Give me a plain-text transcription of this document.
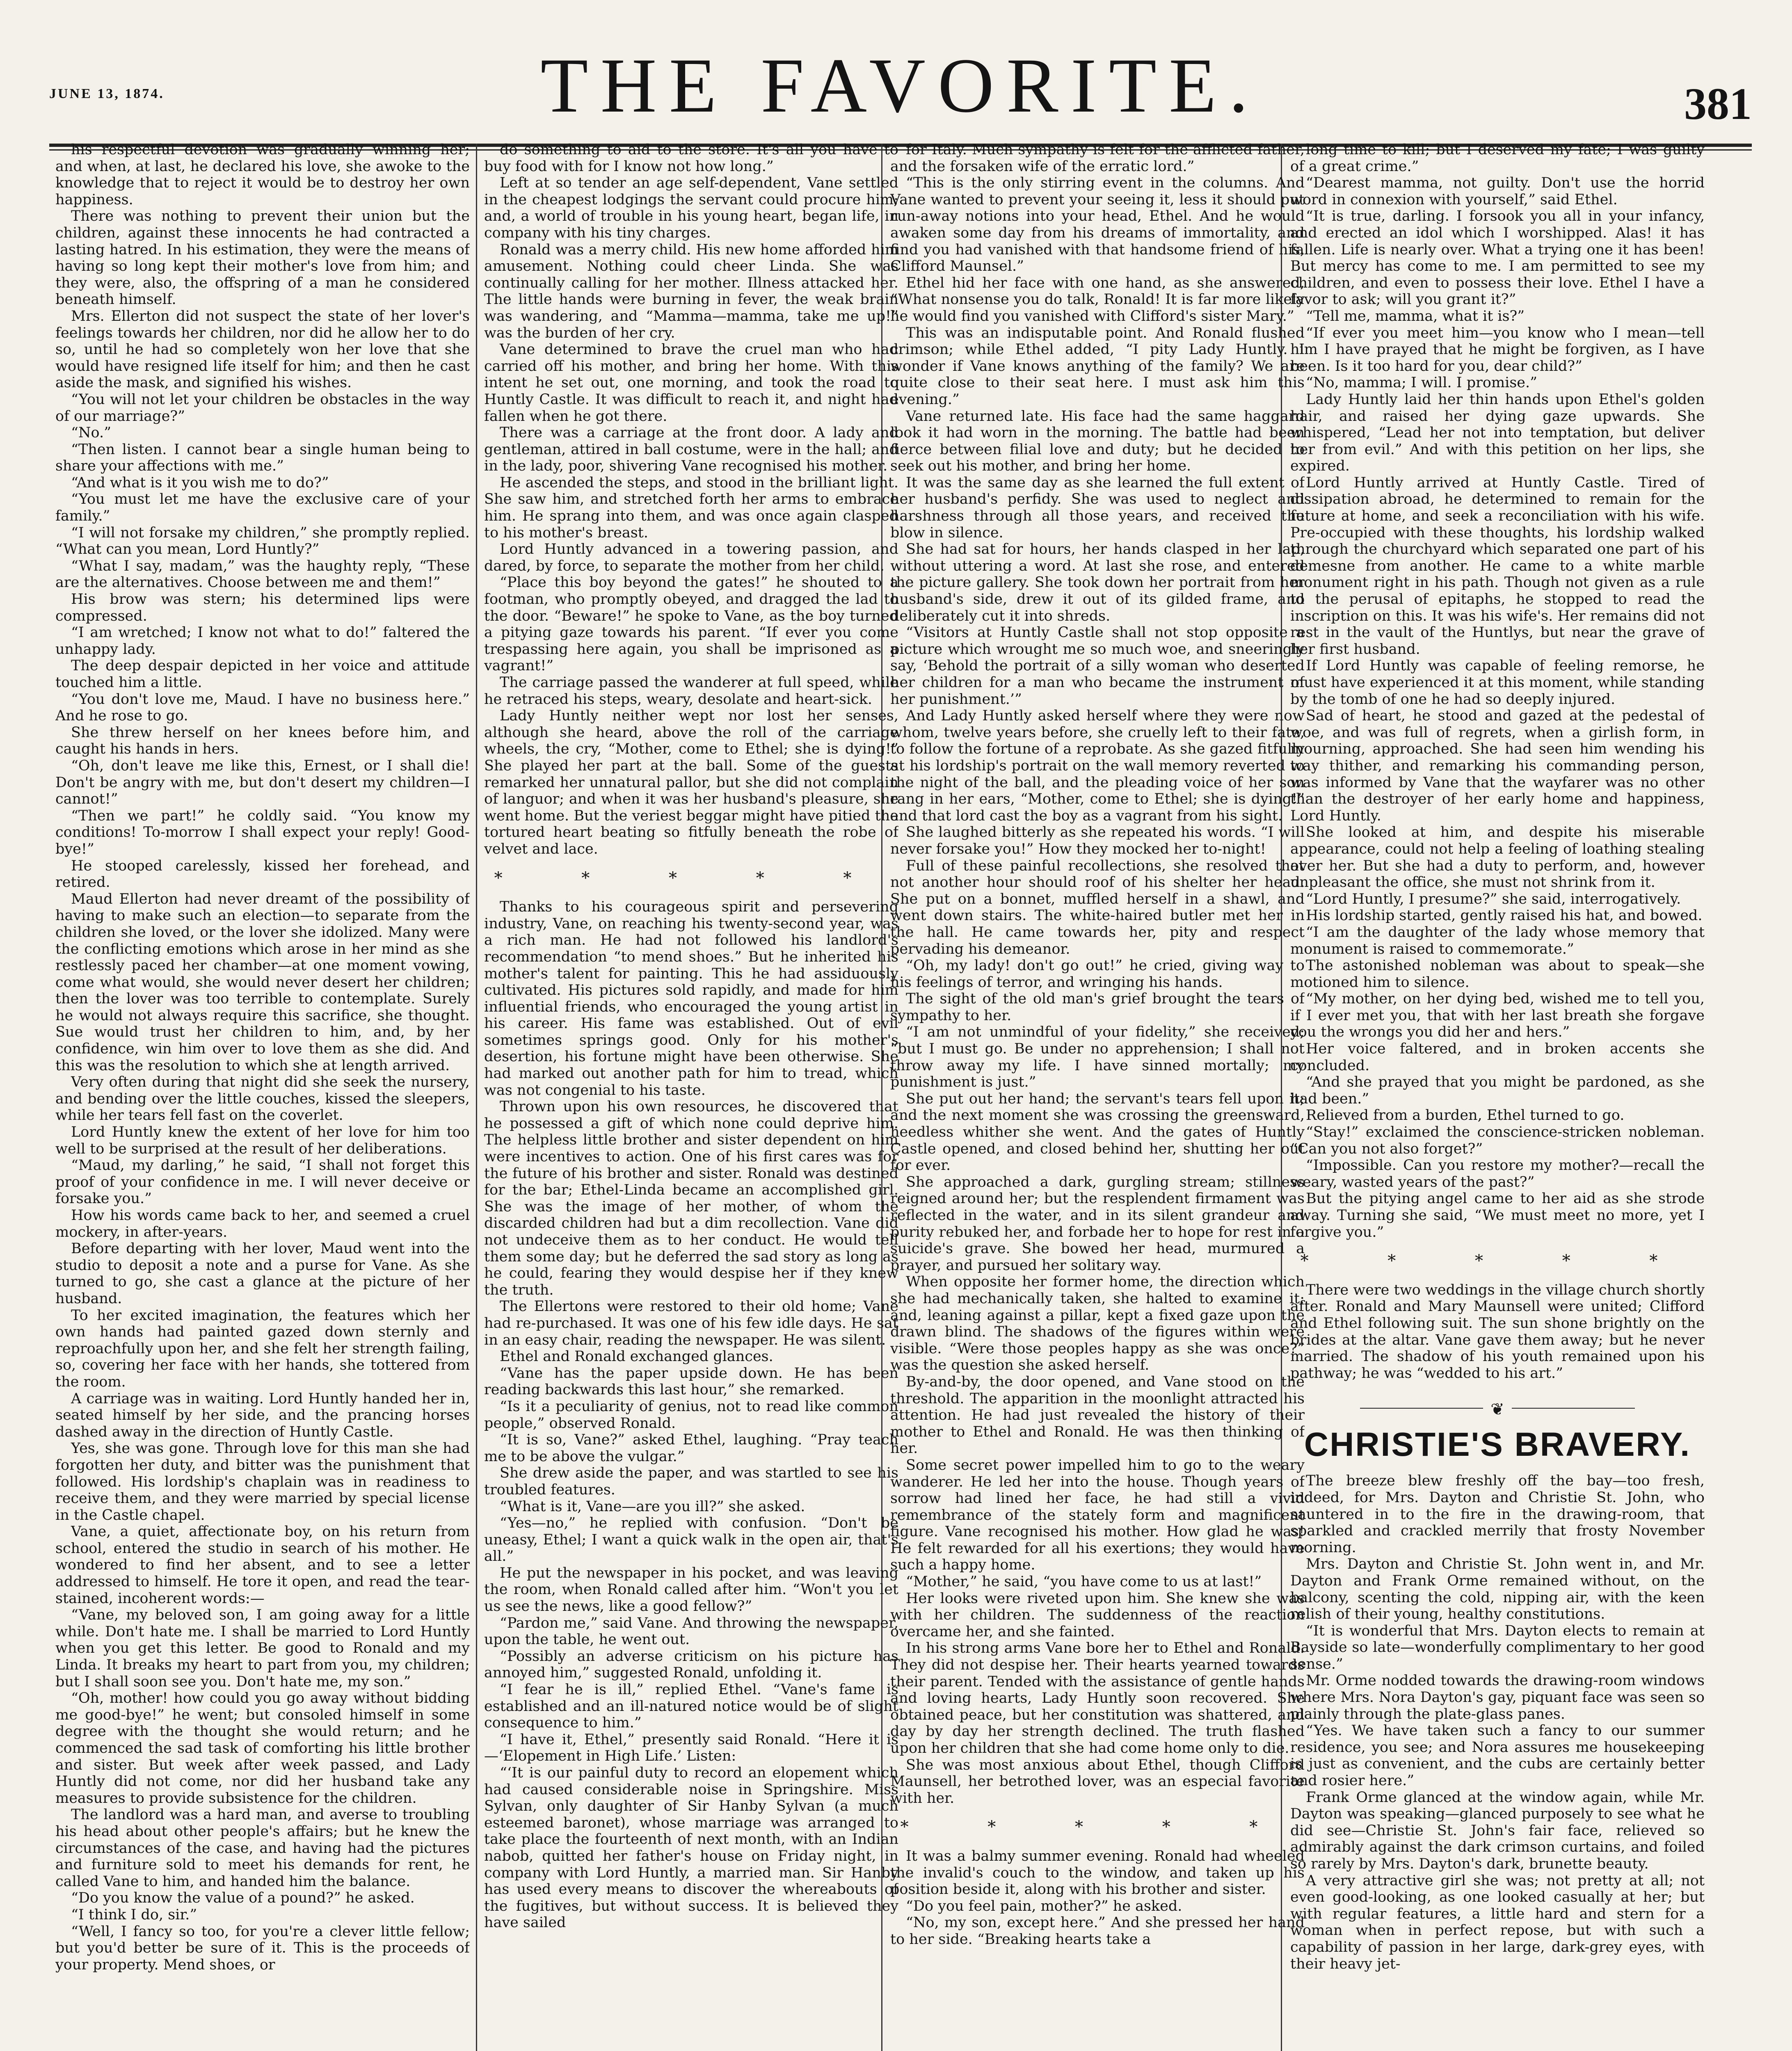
JUNE 13, 1874.	THE FAVORITE.	381

his respectful devotion was gradually winning her; and when, at last, he declared his love, she awoke to the knowledge that to reject it would be to destroy her own happiness.

There was nothing to prevent their union but the children, against these innocents he had contracted a lasting hatred. In his estimation, they were the means of having so long kept their mother's love from him; and they were, also, the offspring of a man he considered beneath himself.

Mrs. Ellerton did not suspect the state of her lover's feelings towards her children, nor did he allow her to do so, until he had so completely won her love that she would have resigned life itself for him; and then he cast aside the mask, and signified his wishes.

“You will not let your children be obstacles in the way of our marriage?”

“No.”

“Then listen. I cannot bear a single human being to share your affections with me.”

“And what is it you wish me to do?”

“You must let me have the exclusive care of your family.”

“I will not forsake my children,” she promptly replied. “What can you mean, Lord Huntly?”

“What I say, madam,” was the haughty reply, “These are the alternatives. Choose between me and them!”

His brow was stern; his determined lips were compressed.

“I am wretched; I know not what to do!” faltered the unhappy lady.

The deep despair depicted in her voice and attitude touched him a little.

“You don't love me, Maud. I have no business here.” And he rose to go.

She threw herself on her knees before him, and caught his hands in hers.

“Oh, don't leave me like this, Ernest, or I shall die! Don't be angry with me, but don't desert my children—I cannot!”

“Then we part!” he coldly said. “You know my conditions! To-morrow I shall expect your reply! Good-bye!”

He stooped carelessly, kissed her forehead, and retired.

Maud Ellerton had never dreamt of the possibility of having to make such an election—to separate from the children she loved, or the lover she idolized. Many were the conflicting emotions which arose in her mind as she restlessly paced her chamber—at one moment vowing, come what would, she would never desert her children; then the lover was too terrible to contemplate. Surely he would not always require this sacrifice, she thought. Sue would trust her children to him, and, by her confidence, win him over to love them as she did. And this was the resolution to which she at length arrived.

Very often during that night did she seek the nursery, and bending over the little couches, kissed the sleepers, while her tears fell fast on the coverlet.

Lord Huntly knew the extent of her love for him too well to be surprised at the result of her deliberations.

“Maud, my darling,” he said, “I shall not forget this proof of your confidence in me. I will never deceive or forsake you.”

How his words came back to her, and seemed a cruel mockery, in after-years.

Before departing with her lover, Maud went into the studio to deposit a note and a purse for Vane. As she turned to go, she cast a glance at the picture of her husband.

To her excited imagination, the features which her own hands had painted gazed down sternly and reproachfully upon her, and she felt her strength failing, so, covering her face with her hands, she tottered from the room.

A carriage was in waiting. Lord Huntly handed her in, seated himself by her side, and the prancing horses dashed away in the direction of Huntly Castle.

Yes, she was gone. Through love for this man she had forgotten her duty, and bitter was the punishment that followed. His lordship's chaplain was in readiness to receive them, and they were married by special license in the Castle chapel.

Vane, a quiet, affectionate boy, on his return from school, entered the studio in search of his mother. He wondered to find her absent, and to see a letter addressed to himself. He tore it open, and read the tear-stained, incoherent words:—

“Vane, my beloved son, I am going away for a little while. Don't hate me. I shall be married to Lord Huntly when you get this letter. Be good to Ronald and my Linda. It breaks my heart to part from you, my children; but I shall soon see you. Don't hate me, my son.”

“Oh, mother! how could you go away without bidding me good-bye!” he went; but consoled himself in some degree with the thought she would return; and he commenced the sad task of comforting his little brother and sister. But week after week passed, and Lady Huntly did not come, nor did her husband take any measures to provide subsistence for the children.

The landlord was a hard man, and averse to troubling his head about other people's affairs; but he knew the circumstances of the case, and having had the pictures and furniture sold to meet his demands for rent, he called Vane to him, and handed him the balance.

“Do you know the value of a pound?” he asked.

“I think I do, sir.”

“Well, I fancy so too, for you're a clever little fellow; but you'd better be sure of it. This is the proceeds of your property. Mend shoes, or

do something to aid to the store. It's all you have to buy food with for I know not how long.”

Left at so tender an age self-dependent, Vane settled in the cheapest lodgings the servant could procure him; and, a world of trouble in his young heart, began life, in company with his tiny charges.

Ronald was a merry child. His new home afforded him amusement. Nothing could cheer Linda. She was continually calling for her mother. Illness attacked her. The little hands were burning in fever, the weak brain was wandering, and “Mamma—mamma, take me up!” was the burden of her cry.

Vane determined to brave the cruel man who had carried off his mother, and bring her home. With this intent he set out, one morning, and took the road to Huntly Castle. It was difficult to reach it, and night had fallen when he got there.

There was a carriage at the front door. A lady and gentleman, attired in ball costume, were in the hall; and in the lady, poor, shivering Vane recognised his mother.

He ascended the steps, and stood in the brilliant light. She saw him, and stretched forth her arms to embrace him. He sprang into them, and was once again clasped to his mother's breast.

Lord Huntly advanced in a towering passion, and dared, by force, to separate the mother from her child.

“Place this boy beyond the gates!” he shouted to a footman, who promptly obeyed, and dragged the lad to the door. “Beware!” he spoke to Vane, as the boy turned a pitying gaze towards his parent. “If ever you come trespassing here again, you shall be imprisoned as a vagrant!”

The carriage passed the wanderer at full speed, while he retraced his steps, weary, desolate and heart-sick.

Lady Huntly neither wept nor lost her senses, although she heard, above the roll of the carriage wheels, the cry, “Mother, come to Ethel; she is dying!” She played her part at the ball. Some of the guests remarked her unnatural pallor, but she did not complain of languor; and when it was her husband's pleasure, she went home. But the veriest beggar might have pitied the tortured heart beating so fitfully beneath the robe of velvet and lace.

* * * * *

Thanks to his courageous spirit and persevering industry, Vane, on reaching his twenty-second year, was a rich man. He had not followed his landlord's recommendation “to mend shoes.” But he inherited his mother's talent for painting. This he had assiduously cultivated. His pictures sold rapidly, and made for him influential friends, who encouraged the young artist in his career. His fame was established. Out of evil sometimes springs good. Only for his mother's desertion, his fortune might have been otherwise. She had marked out another path for him to tread, which was not congenial to his taste.

Thrown upon his own resources, he discovered that he possessed a gift of which none could deprive him. The helpless little brother and sister dependent on him were incentives to action. One of his first cares was for the future of his brother and sister. Ronald was destined for the bar; Ethel-Linda became an accomplished girl. She was the image of her mother, of whom the discarded children had but a dim recollection. Vane did not undeceive them as to her conduct. He would tell them some day; but he deferred the sad story as long as he could, fearing they would despise her if they knew the truth.

The Ellertons were restored to their old home; Vane had re-purchased. It was one of his few idle days. He sat in an easy chair, reading the newspaper. He was silent.

Ethel and Ronald exchanged glances.

“Vane has the paper upside down. He has been reading backwards this last hour,” she remarked.

“Is it a peculiarity of genius, not to read like common people,” observed Ronald.

“It is so, Vane?” asked Ethel, laughing. “Pray teach me to be above the vulgar.”

She drew aside the paper, and was startled to see his troubled features.

“What is it, Vane—are you ill?” she asked.

“Yes—no,” he replied with confusion. “Don't be uneasy, Ethel; I want a quick walk in the open air, that's all.”

He put the newspaper in his pocket, and was leaving the room, when Ronald called after him. “Won't you let us see the news, like a good fellow?”

“Pardon me,” said Vane. And throwing the newspaper, upon the table, he went out.

“Possibly an adverse criticism on his picture has annoyed him,” suggested Ronald, unfolding it.

“I fear he is ill,” replied Ethel. “Vane's fame is established and an ill-natured notice would be of slight consequence to him.”

“I have it, Ethel,” presently said Ronald. “Here it is—‘Elopement in High Life.’ Listen:

“‘It is our painful duty to record an elopement which had caused considerable noise in Springshire. Miss Sylvan, only daughter of Sir Hanby Sylvan (a much esteemed baronet), whose marriage was arranged to take place the fourteenth of next month, with an Indian nabob, quitted her father's house on Friday night, in company with Lord Huntly, a married man. Sir Hanby has used every means to discover the whereabouts of the fugitives, but without success. It is believed they have sailed

for Italy. Much sympathy is felt for the afflicted father, and the forsaken wife of the erratic lord.”

“This is the only stirring event in the columns. And Vane wanted to prevent your seeing it, less it should put run-away notions into your head, Ethel. And he would awaken some day from his dreams of immortality, and find you had vanished with that handsome friend of his, Clifford Maunsel.”

Ethel hid her face with one hand, as she answered, “What nonsense you do talk, Ronald! It is far more likely he would find you vanished with Clifford's sister Mary.”

This was an indisputable point. And Ronald flushed crimson; while Ethel added, “I pity Lady Huntly. I wonder if Vane knows anything of the family? We are quite close to their seat here. I must ask him this evening.”

Vane returned late. His face had the same haggard look it had worn in the morning. The battle had been fierce between filial love and duty; but he decided to seek out his mother, and bring her home.

It was the same day as she learned the full extent of her husband's perfidy. She was used to neglect and harshness through all those years, and received the blow in silence.

She had sat for hours, her hands clasped in her lap, without uttering a word. At last she rose, and entered the picture gallery. She took down her portrait from her husband's side, drew it out of its gilded frame, and deliberately cut it into shreds.

“Visitors at Huntly Castle shall not stop opposite a picture which wrought me so much woe, and sneeringly say, ‘Behold the portrait of a silly woman who deserted her children for a man who became the instrument of her punishment.’”

And Lady Huntly asked herself where they were now whom, twelve years before, she cruelly left to their fate, to follow the fortune of a reprobate. As she gazed fitfully at his lordship's portrait on the wall memory reverted to the night of the ball, and the pleading voice of her son rang in her ears, “Mother, come to Ethel; she is dying!” and that lord cast the boy as a vagrant from his sight.

She laughed bitterly as she repeated his words. “I will never forsake you!” How they mocked her to-night!

Full of these painful recollections, she resolved that not another hour should roof of his shelter her head. She put on a bonnet, muffled herself in a shawl, and went down stairs. The white-haired butler met her in the hall. He came towards her, pity and respect pervading his demeanor.

“Oh, my lady! don't go out!” he cried, giving way to his feelings of terror, and wringing his hands.

The sight of the old man's grief brought the tears of sympathy to her.

“I am not unmindful of your fidelity,” she received; “but I must go. Be under no apprehension; I shall not throw away my life. I have sinned mortally; my punishment is just.”

She put out her hand; the servant's tears fell upon it; and the next moment she was crossing the greensward, heedless whither she went. And the gates of Huntly Castle opened, and closed behind her, shutting her out for ever.

She approached a dark, gurgling stream; stillness reigned around her; but the resplendent firmament was reflected in the water, and in its silent grandeur and purity rebuked her, and forbade her to hope for rest in a suicide's grave. She bowed her head, murmured a prayer, and pursued her solitary way.

When opposite her former home, the direction which she had mechanically taken, she halted to examine it; and, leaning against a pillar, kept a fixed gaze upon the drawn blind. The shadows of the figures within were visible. “Were those peoples happy as she was once?” was the question she asked herself.

By-and-by, the door opened, and Vane stood on the threshold. The apparition in the moonlight attracted his attention. He had just revealed the history of their mother to Ethel and Ronald. He was then thinking of her.

Some secret power impelled him to go to the weary wanderer. He led her into the house. Though years of sorrow had lined her face, he had still a vivid remembrance of the stately form and magnificent figure. Vane recognised his mother. How glad he was! He felt rewarded for all his exertions; they would have such a happy home.

“Mother,” he said, “you have come to us at last!”

Her looks were riveted upon him. She knew she was with her children. The suddenness of the reaction overcame her, and she fainted.

In his strong arms Vane bore her to Ethel and Ronald. They did not despise her. Their hearts yearned towards their parent. Tended with the assistance of gentle hands and loving hearts, Lady Huntly soon recovered. She obtained peace, but her constitution was shattered, and day by day her strength declined. The truth flashed upon her children that she had come home only to die.

She was most anxious about Ethel, though Clifford Maunsell, her betrothed lover, was an especial favorite with her.

* * * * *

It was a balmy summer evening. Ronald had wheeled the invalid's couch to the window, and taken up his position beside it, along with his brother and sister.

“Do you feel pain, mother?” he asked.

“No, my son, except here.” And she pressed her hand to her side. “Breaking hearts take a

long time to kill; but I deserved my fate; I was guilty of a great crime.”

“Dearest mamma, not guilty. Don't use the horrid word in connexion with yourself,” said Ethel.

“It is true, darling. I forsook you all in your infancy, and erected an idol which I worshipped. Alas! it has fallen. Life is nearly over. What a trying one it has been! But mercy has come to me. I am permitted to see my children, and even to possess their love. Ethel I have a favor to ask; will you grant it?”

“Tell me, mamma, what it is?”

“If ever you meet him—you know who I mean—tell him I have prayed that he might be forgiven, as I have been. Is it too hard for you, dear child?”

“No, mamma; I will. I promise.”

Lady Huntly laid her thin hands upon Ethel's golden hair, and raised her dying gaze upwards. She whispered, “Lead her not into temptation, but deliver her from evil.” And with this petition on her lips, she expired.

Lord Huntly arrived at Huntly Castle. Tired of dissipation abroad, he determined to remain for the future at home, and seek a reconciliation with his wife. Pre-occupied with these thoughts, his lordship walked through the churchyard which separated one part of his demesne from another. He came to a white marble monument right in his path. Though not given as a rule to the perusal of epitaphs, he stopped to read the inscription on this. It was his wife's. Her remains did not rest in the vault of the Huntlys, but near the grave of her first husband.

If Lord Huntly was capable of feeling remorse, he must have experienced it at this moment, while standing by the tomb of one he had so deeply injured.

Sad of heart, he stood and gazed at the pedestal of woe, and was full of regrets, when a girlish form, in mourning, approached. She had seen him wending his way thither, and remarking his commanding person, was informed by Vane that the wayfarer was no other than the destroyer of her early home and happiness, Lord Huntly.

She looked at him, and despite his miserable appearance, could not help a feeling of loathing stealing over her. But she had a duty to perform, and, however unpleasant the office, she must not shrink from it.

“Lord Huntly, I presume?” she said, interrogatively.

His lordship started, gently raised his hat, and bowed.

“I am the daughter of the lady whose memory that monument is raised to commemorate.”

The astonished nobleman was about to speak—she motioned him to silence.

“My mother, on her dying bed, wished me to tell you, if I ever met you, that with her last breath she forgave you the wrongs you did her and hers.”

Her voice faltered, and in broken accents she concluded.

“And she prayed that you might be pardoned, as she had been.”

Relieved from a burden, Ethel turned to go.

“Stay!” exclaimed the conscience-stricken nobleman. “Can you not also forget?”

“Impossible. Can you restore my mother?—recall the weary, wasted years of the past?”

But the pitying angel came to her aid as she strode away. Turning she said, “We must meet no more, yet I forgive you.”

* * * * *

There were two weddings in the village church shortly after. Ronald and Mary Maunsell were united; Clifford and Ethel following suit. The sun shone brightly on the brides at the altar. Vane gave them away; but he never married. The shadow of his youth remained upon his pathway; he was “wedded to his art.”

❦
CHRISTIE'S BRAVERY.

The breeze blew freshly off the bay—too fresh, indeed, for Mrs. Dayton and Christie St. John, who sauntered in to the fire in the drawing-room, that sparkled and crackled merrily that frosty November morning.

Mrs. Dayton and Christie St. John went in, and Mr. Dayton and Frank Orme remained without, on the balcony, scenting the cold, nipping air, with the keen relish of their young, healthy constitutions.

“It is wonderful that Mrs. Dayton elects to remain at Bayside so late—wonderfully complimentary to her good sense.”

Mr. Orme nodded towards the drawing-room windows where Mrs. Nora Dayton's gay, piquant face was seen so plainly through the plate-glass panes.

“Yes. We have taken such a fancy to our summer residence, you see; and Nora assures me housekeeping is just as convenient, and the cubs are certainly better and rosier here.”

Frank Orme glanced at the window again, while Mr. Dayton was speaking—glanced purposely to see what he did see—Christie St. John's fair face, relieved so admirably against the dark crimson curtains, and foiled so rarely by Mrs. Dayton's dark, brunette beauty.

A very attractive girl she was; not pretty at all; not even good-looking, as one looked casually at her; but with regular features, a little hard and stern for a woman when in perfect repose, but with such a capability of passion in her large, dark-grey eyes, with their heavy jet-
